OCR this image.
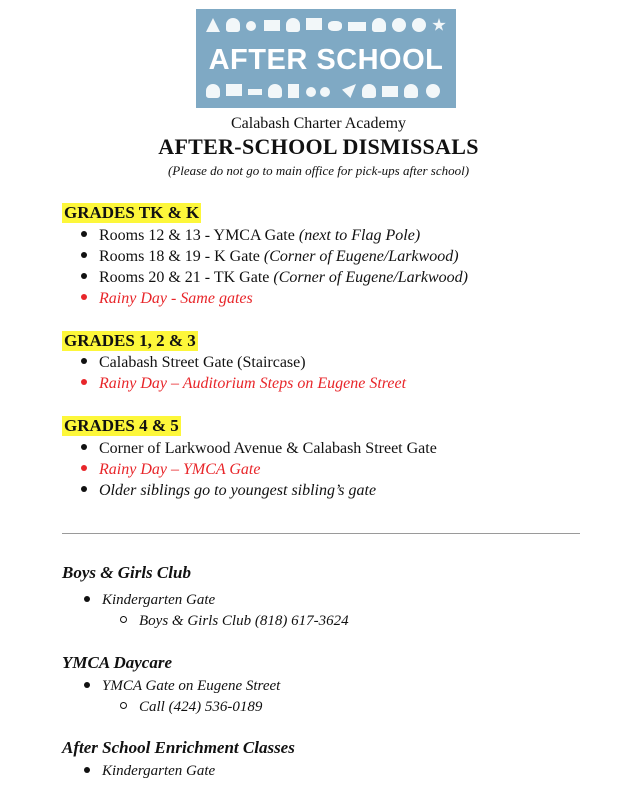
AFTER SCHOOL
Calabash Charter Academy
AFTER-SCHOOL DISMISSALS
(Please do not go to main office for pick-ups after school)
GRADES TK & K
Rooms 12 & 13 - YMCA Gate (next to Flag Pole)
Rooms 18 & 19 - K Gate (Corner of Eugene/Larkwood)
Rooms 20 & 21 - TK Gate (Corner of Eugene/Larkwood)
Rainy Day - Same gates
GRADES 1, 2 & 3
Calabash Street Gate (Staircase)
Rainy Day – Auditorium Steps on Eugene Street
GRADES 4 & 5
Corner of Larkwood Avenue & Calabash Street Gate
Rainy Day – YMCA Gate
Older siblings go to youngest sibling’s gate
Boys & Girls Club
Kindergarten Gate
Boys & Girls Club (818) 617-3624
YMCA Daycare
YMCA Gate on Eugene Street
Call (424) 536-0189
After School Enrichment Classes
Kindergarten Gate
